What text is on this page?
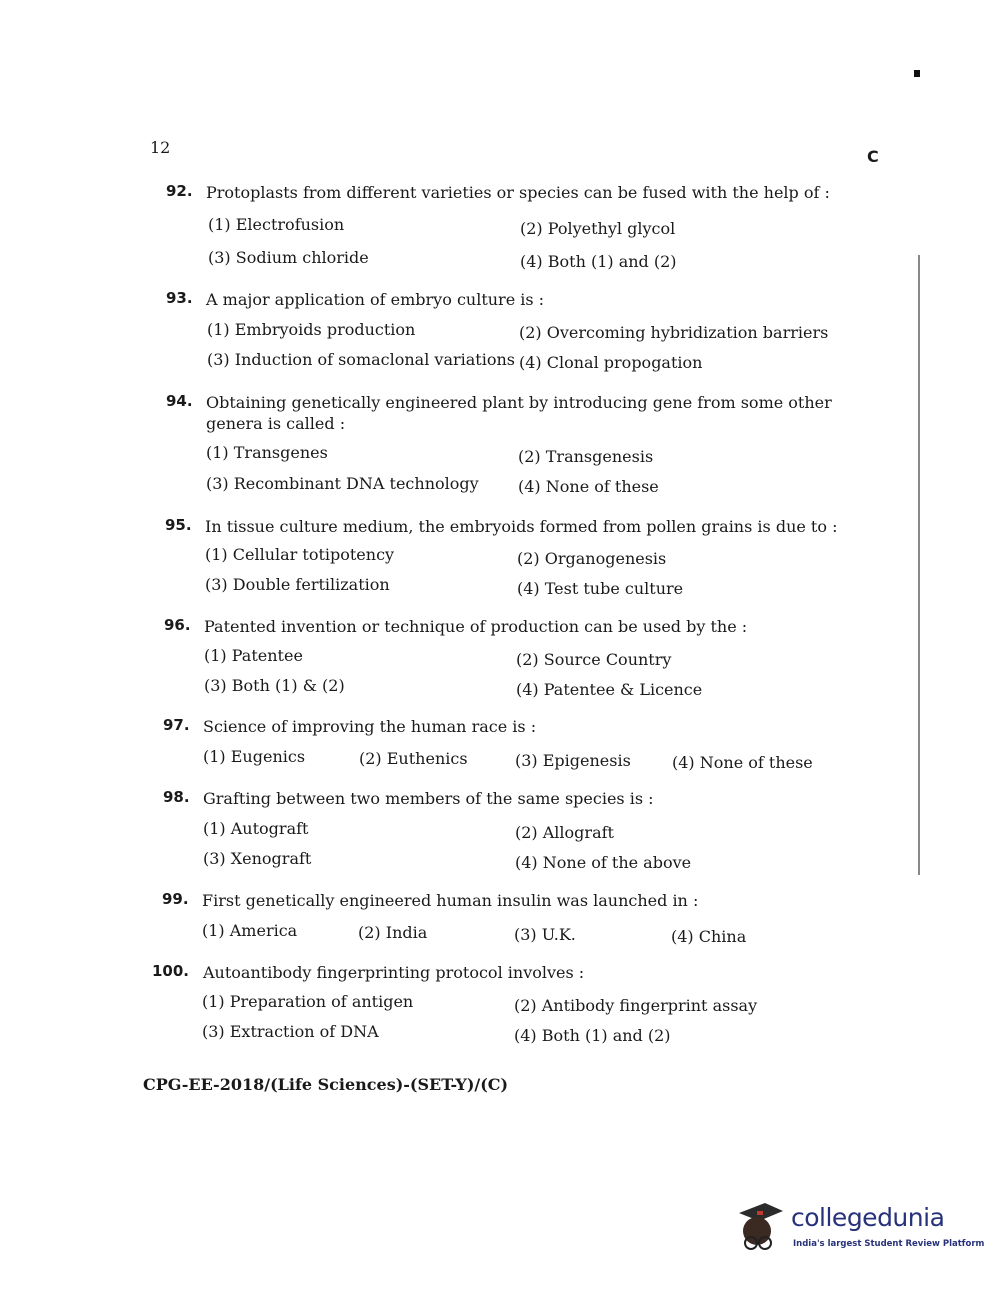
12	C
92. Protoplasts from different varieties or species can be fused with the help of :
(1) Electrofusion	(2) Polyethyl glycol
(3) Sodium chloride	(4) Both (1) and (2)
93. A major application of embryo culture is :
(1) Embryoids production	(2) Overcoming hybridization barriers
(3) Induction of somaclonal variations (4) Clonal propogation
94. Obtaining genetically engineered plant by introducing gene from some other genera is called :
(1) Transgenes	(2) Transgenesis
(3) Recombinant DNA technology (4) None of these
95. In tissue culture medium, the embryoids formed from pollen grains is due to :
(1) Cellular totipotency	(2) Organogenesis
(3) Double fertilization	(4) Test tube culture
96. Patented invention or technique of production can be used by the :
(1) Patentee	(2) Source Country
(3) Both (1) & (2)	(4) Patentee & Licence
97. Science of improving the human race is :
(1) Eugenics	(2) Euthenics	(3) Epigenesis	(4) None of these
98. Grafting between two members of the same species is :
(1) Autograft	(2) Allograft
(3) Xenograft	(4) None of the above
99. First genetically engineered human insulin was launched in :
(1) America	(2) India	(3) U.K.	(4) China
100. Autoantibody fingerprinting protocol involves :
(1) Preparation of antigen	(2) Antibody fingerprint assay
(3) Extraction of DNA	(4) Both (1) and (2)
CPG-EE-2018/(Life Sciences)-(SET-Y)/(C)
collegedunia
India's largest Student Review Platform
